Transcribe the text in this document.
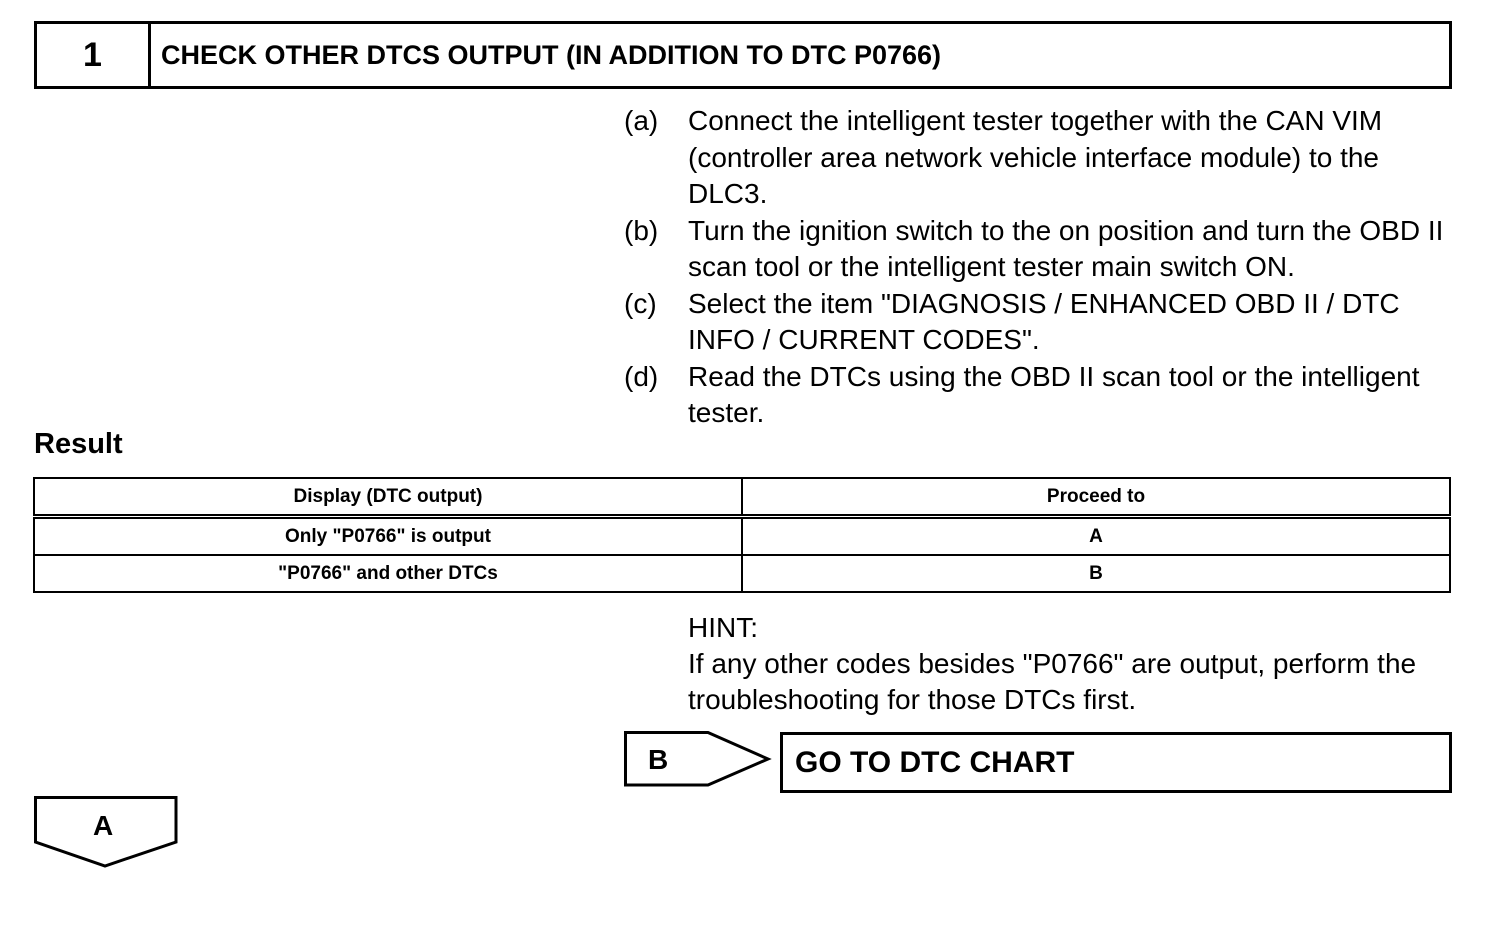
1	CHECK OTHER DTCS OUTPUT (IN ADDITION TO DTC P0766)
(a)	Connect the intelligent tester together with the CAN VIM (controller area network vehicle interface module) to the DLC3.
(b)	Turn the ignition switch to the on position and turn the OBD II scan tool or the intelligent tester main switch ON.
(c)	Select the item "DIAGNOSIS / ENHANCED OBD II / DTC INFO / CURRENT CODES".
(d)	Read the DTCs using the OBD II scan tool or the intelligent tester.
Result
Display (DTC output)	Proceed to
Only "P0766" is output	A
"P0766" and other DTCs	B
HINT:
If any other codes besides "P0766" are output, perform the troubleshooting for those DTCs first.
B	GO TO DTC CHART
A
